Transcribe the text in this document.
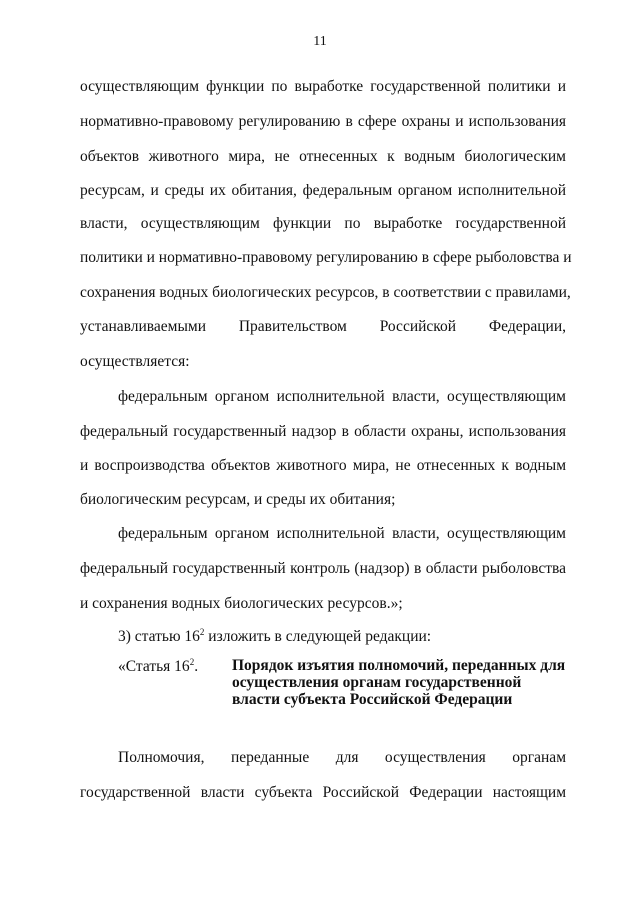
11
осуществляющим функции по выработке государственной политики и
нормативно-правовому регулированию в сфере охраны и использования
объектов животного мира, не отнесенных к водным биологическим
ресурсам, и среды их обитания, федеральным органом исполнительной
власти, осуществляющим функции по выработке государственной
политики и нормативно-правовому регулированию в сфере рыболовства и
сохранения водных биологических ресурсов, в соответствии с правилами,
устанавливаемыми Правительством Российской Федерации,
осуществляется:
федеральным органом исполнительной власти, осуществляющим
федеральный государственный надзор в области охраны, использования
и воспроизводства объектов животного мира, не отнесенных к водным
биологическим ресурсам, и среды их обитания;
федеральным органом исполнительной власти, осуществляющим
федеральный государственный контроль (надзор) в области рыболовства
и сохранения водных биологических ресурсов.»;
3) статью $16^2$ изложить в следующей редакции:
«Статья $16^2$. Порядок изъятия полномочий, переданных для осуществления органам государственной власти субъекта Российской Федерации
Полномочия, переданные для осуществления органам
государственной власти субъекта Российской Федерации настоящим
